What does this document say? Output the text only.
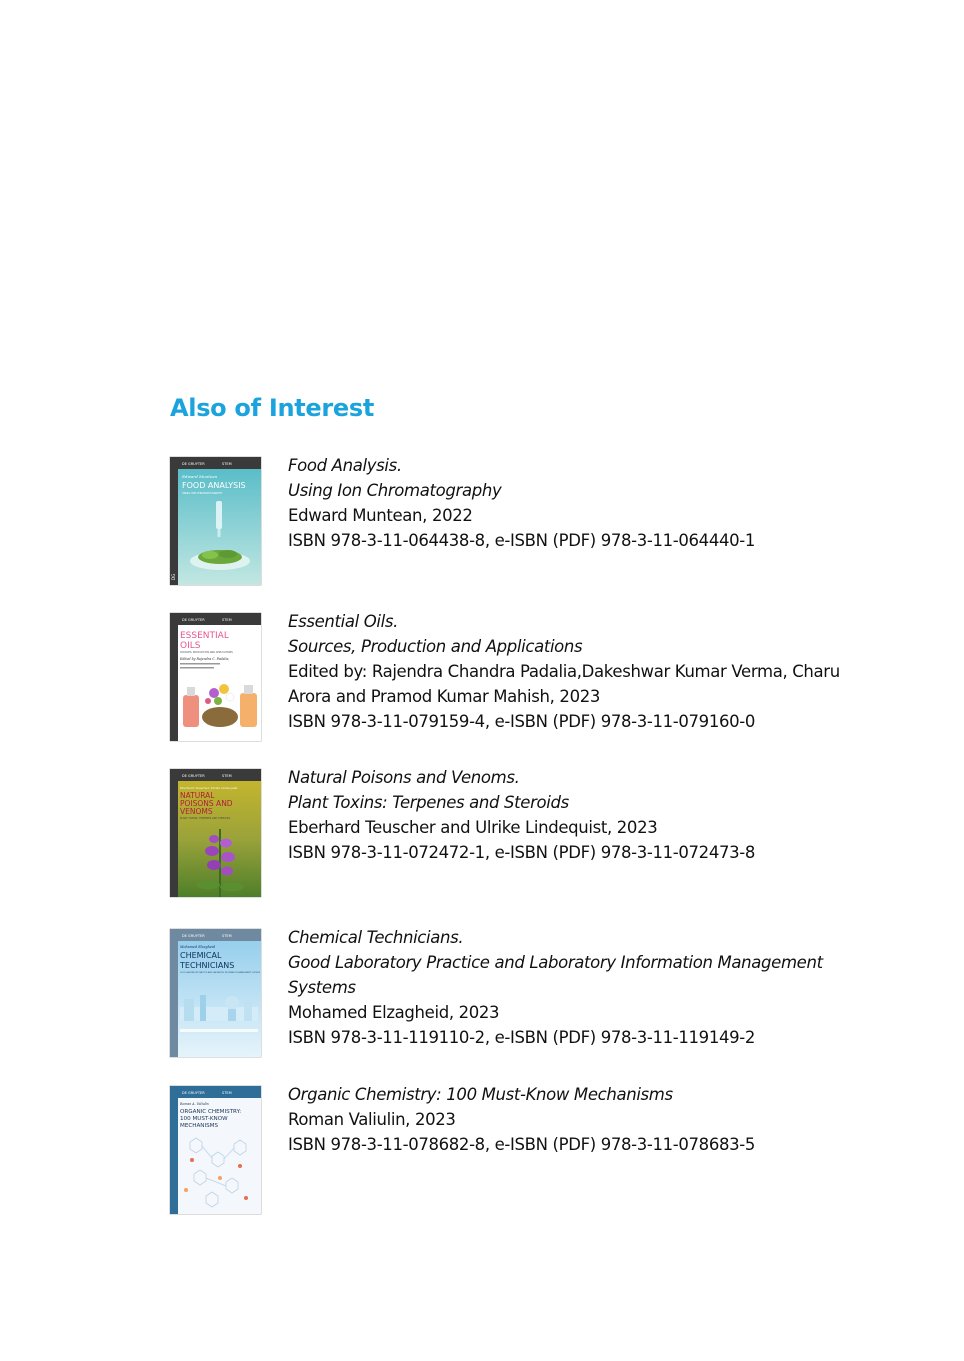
Also of Interest
DE GRUYTER	STEM
Edward Muntean
FOOD ANALYSIS
USING ION CHROMATOGRAPHY
DG
Food Analysis.
Using Ion Chromatography
Edward Muntean, 2022
ISBN 978-3-11-064438-8, e-ISBN (PDF) 978-3-11-064440-1
DE GRUYTER	STEM
ESSENTIAL
OILS
SOURCES, PRODUCTION AND APPLICATIONS
Edited by Rajendra C. Padalia,
Essential Oils.
Sources, Production and Applications
Edited by: Rajendra Chandra Padalia,Dakeshwar Kumar Verma, Charu Arora and Pramod Kumar Mahish, 2023
ISBN 978-3-11-079159-4, e-ISBN (PDF) 978-3-11-079160-0
DE GRUYTER	STEM
Eberhard Teuscher, Ulrike Lindequist
NATURAL
POISONS AND
VENOMS
PLANT TOXINS: TERPENES AND STEROIDS
Natural Poisons and Venoms.
Plant Toxins: Terpenes and Steroids
Eberhard Teuscher and Ulrike Lindequist, 2023
ISBN 978-3-11-072472-1, e-ISBN (PDF) 978-3-11-072473-8
DE GRUYTER	STEM
Mohamed Elzagheid
CHEMICAL
TECHNICIANS
GOOD LABORATORY PRACTICE AND LABORATORY INFORMATION MANAGEMENT SYSTEMS
Chemical Technicians.
Good Laboratory Practice and Laboratory Information Management Systems
Mohamed Elzagheid, 2023
ISBN 978-3-11-119110-2, e-ISBN (PDF) 978-3-11-119149-2
DE GRUYTER	STEM
Roman A. Valiulin
ORGANIC CHEMISTRY:
100 MUST-KNOW
MECHANISMS
Organic Chemistry: 100 Must-Know Mechanisms
Roman Valiulin, 2023
ISBN 978-3-11-078682-8, e-ISBN (PDF) 978-3-11-078683-5
